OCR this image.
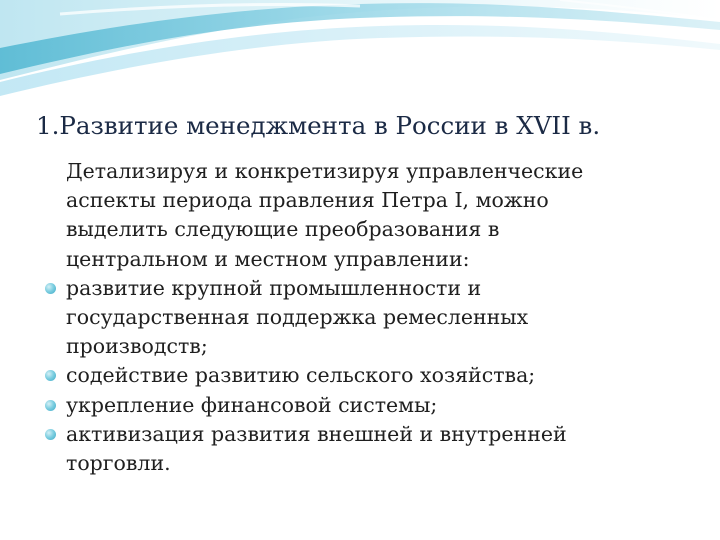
1.Развитие менеджмента в России в XVII в.
Детализируя и конкретизируя управленческие
аспекты периода правления Петра I, можно
выделить следующие преобразования в
центральном и местном управлении:
развитие крупной промышленности и
государственная поддержка ремесленных
производств;
содействие развитию сельского хозяйства;
укрепление финансовой системы;
активизация развития внешней и внутренней
торговли.
